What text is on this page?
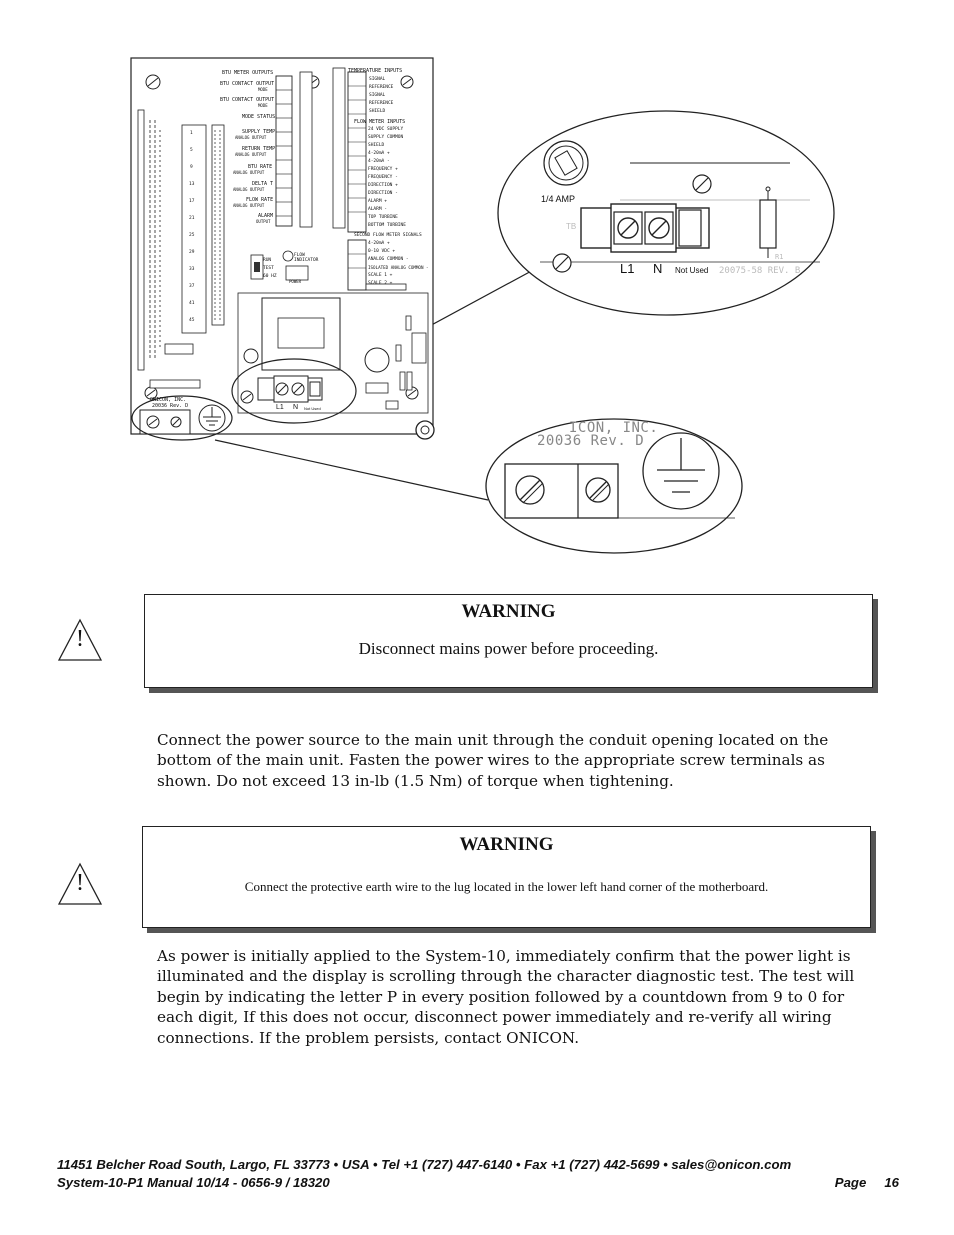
BTU METER OUTPUTS
BTU CONTACT OUTPUT
MODE
BTU CONTACT OUTPUT
MODE
MODE STATUS
SUPPLY TEMP
ANALOG OUTPUT
RETURN TEMP
ANALOG OUTPUT
BTU RATE
ANALOG OUTPUT
DELTA T
ANALOG OUTPUT
FLOW RATE
ANALOG OUTPUT
ALARM
OUTPUT
TEMPERATURE INPUTS
SIGNAL
REFERENCE
SIGNAL
REFERENCE
SHIELD
FLOW METER INPUTS
24 VDC SUPPLY
SUPPLY COMMON
SHIELD
4-20mA +
4-20mA -
FREQUENCY +
FREQUENCY -
DIRECTION +
DIRECTION -
ALARM +
ALARM -
TOP TURBINE
BOTTOM TURBINE
SECOND FLOW METER SIGNALS
4-20mA +
0-10 VDC +
ANALOG COMMON -
ISOLATED ANALOG COMMON -
SCALE 1 +
SCALE 2 +
1
5
9
13
17
21
25
29
33
37
41
45
RUN
TEST
60 HZ
FLOW INDICATOR
POWER
L1 N Not Used
ONICON, INC.
20036 Rev. D
1/4 AMP
TB
L1 N Not Used 20075-58 REV. B
R1
ICON, INC.
20036 Rev. D
!
WARNING
Disconnect mains power before proceeding.
Connect the power source to the main unit through the conduit opening located on the bottom of the main unit. Fasten the power wires to the appropriate screw terminals as shown. Do not exceed 13 in-lb (1.5 Nm) of torque when tightening.
!
WARNING
Connect the protective earth wire to the lug located in the lower left hand corner of the motherboard.
As power is initially applied to the System-10, immediately confirm that the power light is illuminated and the display is scrolling through the character diagnostic test. The test will begin by indicating the letter P in every position followed by a countdown from 9 to 0 for each digit, If this does not occur, disconnect power immediately and re-verify all wiring connections. If the problem persists, contact ONICON.
11451 Belcher Road South, Largo, FL 33773 • USA • Tel +1 (727) 447-6140 • Fax +1 (727) 442-5699 • sales@onicon.com
System-10-P1 Manual 10/14 - 0656-9 / 18320	Page 16
